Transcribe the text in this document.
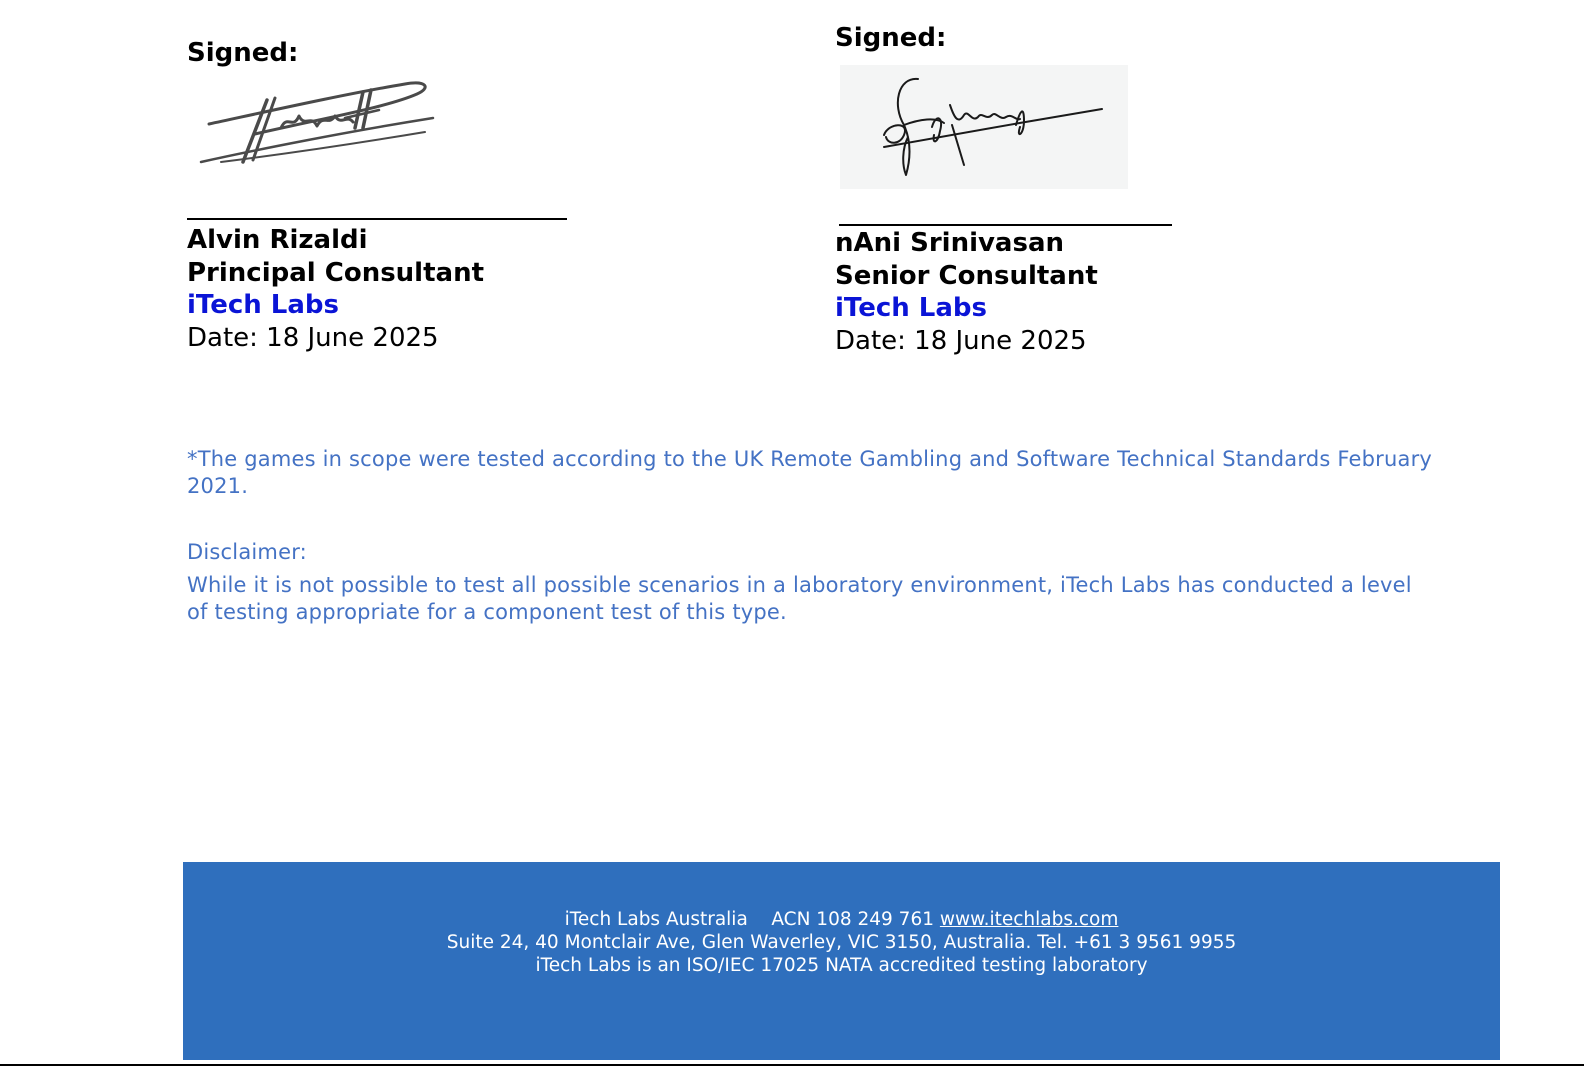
Signed:
Alvin Rizaldi
Principal Consultant
iTech Labs
Date: 18 June 2025
Signed:
nAni Srinivasan
Senior Consultant
iTech Labs
Date: 18 June 2025

*The games in scope were tested according to the UK Remote Gambling and Software Technical Standards February 2021.

Disclaimer:

While it is not possible to test all possible scenarios in a laboratory environment, iTech Labs has conducted a level of testing appropriate for a component test of this type.

iTech Labs Australia ACN 108 249 761 www.itechlabs.com
Suite 24, 40 Montclair Ave, Glen Waverley, VIC 3150, Australia. Tel. +61 3 9561 9955
iTech Labs is an ISO/IEC 17025 NATA accredited testing laboratory
